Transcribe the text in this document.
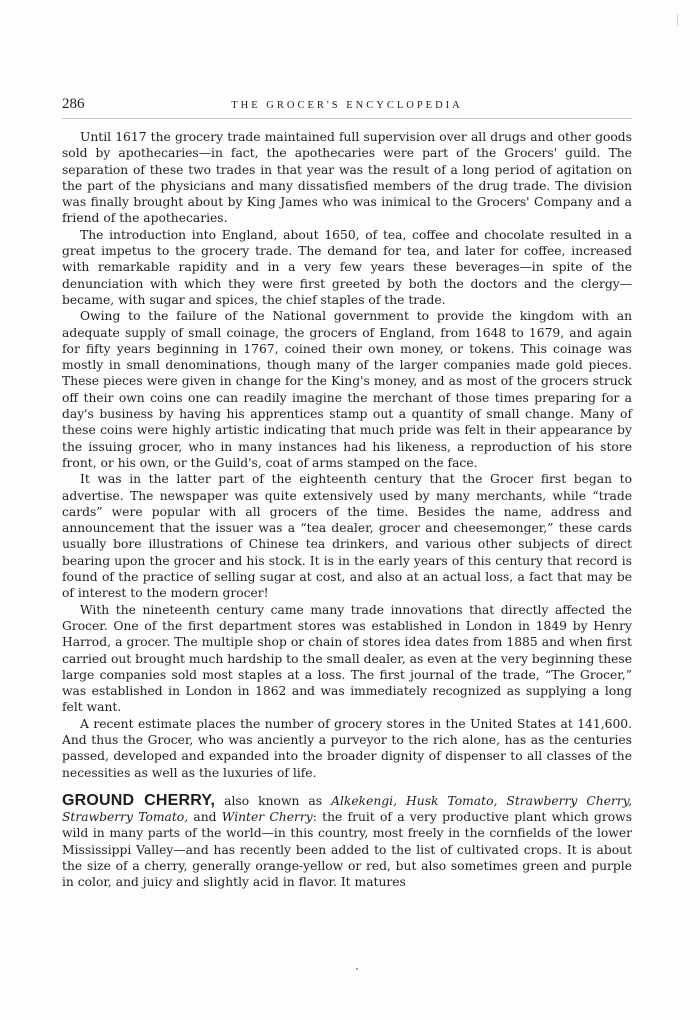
286	THE GROCER'S ENCYCLOPEDIA

Until 1617 the grocery trade maintained full supervision over all drugs and other goods sold by apothecaries—in fact, the apothecaries were part of the Grocers' guild. The separation of these two trades in that year was the result of a long period of agitation on the part of the physicians and many dissatisfied members of the drug trade. The division was finally brought about by King James who was inimical to the Grocers' Company and a friend of the apothecaries.

The introduction into England, about 1650, of tea, coffee and chocolate resulted in a great impetus to the grocery trade. The demand for tea, and later for coffee, increased with remarkable rapidity and in a very few years these beverages—in spite of the denunciation with which they were first greeted by both the doctors and the clergy—became, with sugar and spices, the chief staples of the trade.

Owing to the failure of the National government to provide the kingdom with an adequate supply of small coinage, the grocers of England, from 1648 to 1679, and again for fifty years beginning in 1767, coined their own money, or tokens. This coinage was mostly in small denominations, though many of the larger companies made gold pieces. These pieces were given in change for the King's money, and as most of the grocers struck off their own coins one can readily imagine the merchant of those times preparing for a day's business by having his apprentices stamp out a quantity of small change. Many of these coins were highly artistic indicating that much pride was felt in their appearance by the issuing grocer, who in many instances had his likeness, a reproduction of his store front, or his own, or the Guild's, coat of arms stamped on the face.

It was in the latter part of the eighteenth century that the Grocer first began to advertise. The newspaper was quite extensively used by many merchants, while “trade cards” were popular with all grocers of the time. Besides the name, address and announcement that the issuer was a “tea dealer, grocer and cheesemonger,” these cards usually bore illustrations of Chinese tea drinkers, and various other subjects of direct bearing upon the grocer and his stock. It is in the early years of this century that record is found of the practice of selling sugar at cost, and also at an actual loss, a fact that may be of interest to the modern grocer!

With the nineteenth century came many trade innovations that directly affected the Grocer. One of the first department stores was established in London in 1849 by Henry Harrod, a grocer. The multiple shop or chain of stores idea dates from 1885 and when first carried out brought much hardship to the small dealer, as even at the very beginning these large companies sold most staples at a loss. The first journal of the trade, “The Grocer,” was established in London in 1862 and was immediately recognized as supplying a long felt want.

A recent estimate places the number of grocery stores in the United States at 141,600. And thus the Grocer, who was anciently a purveyor to the rich alone, has as the centuries passed, developed and expanded into the broader dignity of dispenser to all classes of the necessities as well as the luxuries of life.

GROUND CHERRY, also known as Alkekengi, Husk Tomato, Strawberry Cherry, Strawberry Tomato, and Winter Cherry: the fruit of a very productive plant which grows wild in many parts of the world—in this country, most freely in the cornfields of the lower Mississippi Valley—and has recently been added to the list of cultivated crops. It is about the size of a cherry, generally orange-yellow or red, but also sometimes green and purple in color, and juicy and slightly acid in flavor. It matures
